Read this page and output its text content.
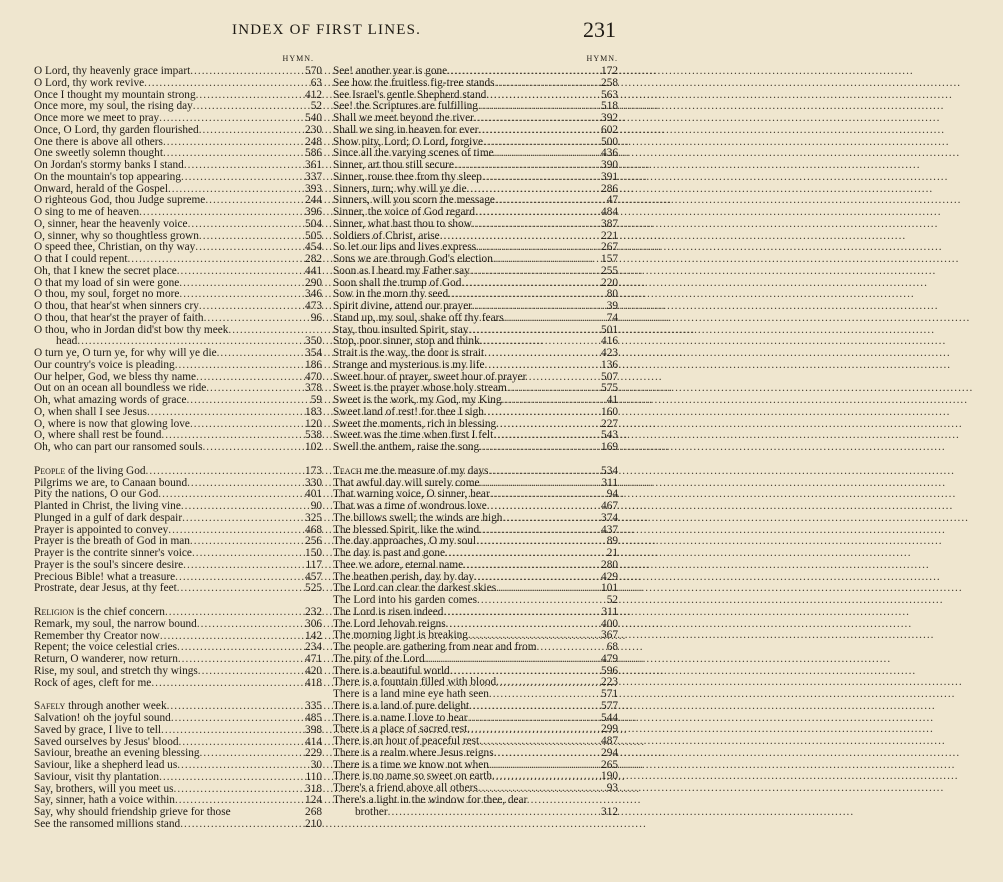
INDEX OF FIRST LINES.	231
HYMN.
O Lord, thy heavenly grace impart .....	570
O Lord, thy work revive .....	63
Once I thought my mountain strong .....	412
Once more, my soul, the rising day .....	52
Once more we meet to pray .....	540
Once, O Lord, thy garden flourished .....	230
One there is above all others .....	248
One sweetly solemn thought .....	586
On Jordan's stormy banks I stand .....	361
On the mountain's top appearing .....	337
Onward, herald of the Gospel .....	393
O righteous God, thou Judge supreme .....	244
O sing to me of heaven .....	396
O, sinner, hear the heavenly voice .....	504
O, sinner, why so thoughtless grown .....	505
O speed thee, Christian, on thy way .....	454
O that I could repent .....	282
Oh, that I knew the secret place .....	441
O that my load of sin were gone .....	290
O thou, my soul, forget no more .....	346
O thou, that hear'st when sinners cry .....	473
O thou, that hear'st the prayer of faith .....	96
O thou, who in Jordan did'st bow thy meek
.....
head .....	350
O turn ye, O turn ye, for why will ye die .....	354
Our country's voice is pleading .....	186
Our helper, God, we bless thy name .....	470
Out on an ocean all boundless we ride .....	378
Oh, what amazing words of grace .....	59
O, when shall I see Jesus .....	183
O, where is now that glowing love .....	120
O, where shall rest be found .....	538
Oh, who can part our ransomed souls .....	102
People of the living God .....	173
Pilgrims we are, to Canaan bound .....	330
Pity the nations, O our God .....	401
Planted in Christ, the living vine .....	90
Plunged in a gulf of dark despair .....	325
Prayer is appointed to convey .....	468
Prayer is the breath of God in man .....	256
Prayer is the contrite sinner's voice .....	150
Prayer is the soul's sincere desire .....	117
Precious Bible! what a treasure .....	457
Prostrate, dear Jesus, at thy feet .....	525
Religion is the chief concern .....	232
Remark, my soul, the narrow bound .....	306
Remember thy Creator now .....	142
Repent; the voice celestial cries .....	234
Return, O wanderer, now return .....	471
Rise, my soul, and stretch thy wings .....	420
Rock of ages, cleft for me .....	418
Safely through another week .....	335
Salvation! oh the joyful sound .....	485
Saved by grace, I live to tell .....	398
Saved ourselves by Jesus' blood .....	414
Saviour, breathe an evening blessing .....	229
Saviour, like a shepherd lead us .....	30
Saviour, visit thy plantation .....	110
Say, brothers, will you meet us .....	318
Say, sinner, hath a voice within .....	124
Say, why should friendship grieve for those	268
See the ransomed millions stand .....	210
HYMN.
See! another year is gone .....	172
See how the fruitless fig-tree stands .....	258
See Israel's gentle Shepherd stand .....	563
See! the Scriptures are fulfilling .....	518
Shall we meet beyond the river .....	392
Shall we sing in heaven for ever .....	602
Show pity, Lord; O Lord, forgive .....	500
Since all the varying scenes of time .....	436
Sinner, art thou still secure .....	390
Sinner, rouse thee from thy sleep .....	391
Sinners, turn; why will ye die .....	286
Sinners, will you scorn the message .....	47
Sinner, the voice of God regard .....	484
Sinner, what hast thou to show .....	387
Soldiers of Christ, arise .....	221
So let our lips and lives express .....	267
Sons we are through God's election .....	157
Soon as I heard my Father say .....	255
Soon shall the trump of God .....	220
Sow in the morn thy seed .....	80
Spirit divine, attend our prayer .....	39
Stand up, my soul, shake off thy fears .....	74
Stay, thou insulted Spirit, stay .....	501
Stop, poor sinner, stop and think .....	416
Strait is the way, the door is strait .....	423
Strange and mysterious is my life .....	136
Sweet hour of prayer, sweet hour of prayer	507
Sweet is the prayer whose holy stream .....	575
Sweet is the work, my God, my King .....	41
Sweet land of rest! for thee I sigh .....	160
Sweet the moments, rich in blessing .....	227
Sweet was the time when first I felt .....	543
Swell the anthem, raise the song .....	169
Teach me the measure of my days .....	534
That awful day will surely come .....	311
That warning voice, O sinner, hear .....	94
That was a time of wondrous love .....	467
The billows swell; the winds are high .....	374
The blessed Spirit, like the wind .....	437
The day approaches, O my soul .....	89
The day is past and gone .....	21
Thee we adore, eternal name .....	280
The heathen perish, day by day .....	429
The Lord can clear the darkest skies .....	101
The Lord into his garden comes .....	52
The Lord is risen indeed .....	311
The Lord Jehovah reigns .....	400
The morning light is breaking .....	367
The people are gathering from near and from	68
The pity of the Lord .....	479
There is a beautiful world .....	596
There is a fountain filled with blood .....	223
There is a land mine eye hath seen .....	571
There is a land of pure delight .....	577
There is a name I love to hear .....	544
There is a place of sacred rest .....	299
There is an hour of peaceful rest .....	487
There is a realm where Jesus reigns .....	294
There is a time we know not when .....	265
There is no name so sweet on earth .....	190
There's a friend above all others .....	93
There's a light in the window for thee, dear
brother .....	312
